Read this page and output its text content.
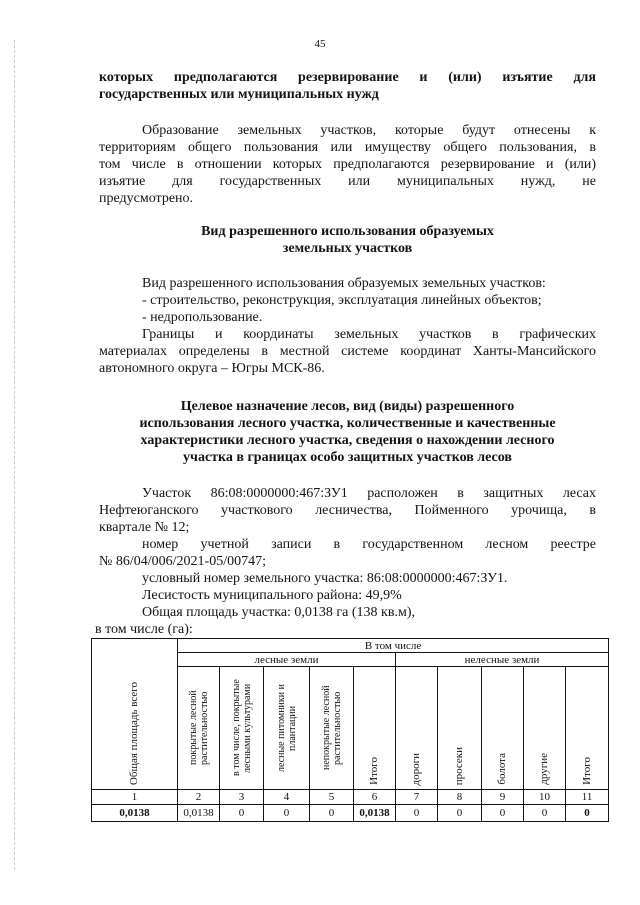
45
которых предполагаются резервирование и (или) изъятие для
государственных или муниципальных нужд
Образование земельных участков, которые будут отнесены к
территориям общего пользования или имуществу общего пользования, в
том числе в отношении которых предполагаются резервирование и (или)
изъятие для государственных или муниципальных нужд, не
предусмотрено.
Вид разрешенного использования образуемых
земельных участков
Вид разрешенного использования образуемых земельных участков:
- строительство, реконструкция, эксплуатация линейных объектов;
- недропользование.
Границы и координаты земельных участков в графических
материалах определены в местной системе координат Ханты-Мансийского
автономного округа – Югры МСК-86.
Целевое назначение лесов, вид (виды) разрешенного
использования лесного участка, количественные и качественные
характеристики лесного участка, сведения о нахождении лесного
участка в границах особо защитных участков лесов
Участок 86:08:0000000:467:ЗУ1 расположен в защитных лесах
Нефтеюганского участкового лесничества, Пойменного урочища, в
квартале № 12;
номер учетной записи в государственном лесном реестре
№ 86/04/006/2021-05/00747;
условный номер земельного участка: 86:08:0000000:467:ЗУ1.
Лесистость муниципального района: 49,9%
Общая площадь участка: 0,0138 га (138 кв.м),
в том числе (га):
Общая площадь всего	В том числе									
	лесные земли					нелесные земли				

	покрытые лесной растительностью	в том числе, покрытые лесными культурами	лесные питомники и плантации	непокрытые лесной растительностью	Итого	дороги	просеки	болота	другие	Итого

1	2	3	4	5	6	7	8	9	10	11
0,0138	0,0138	0	0	0	0,0138	0	0	0	0	0
